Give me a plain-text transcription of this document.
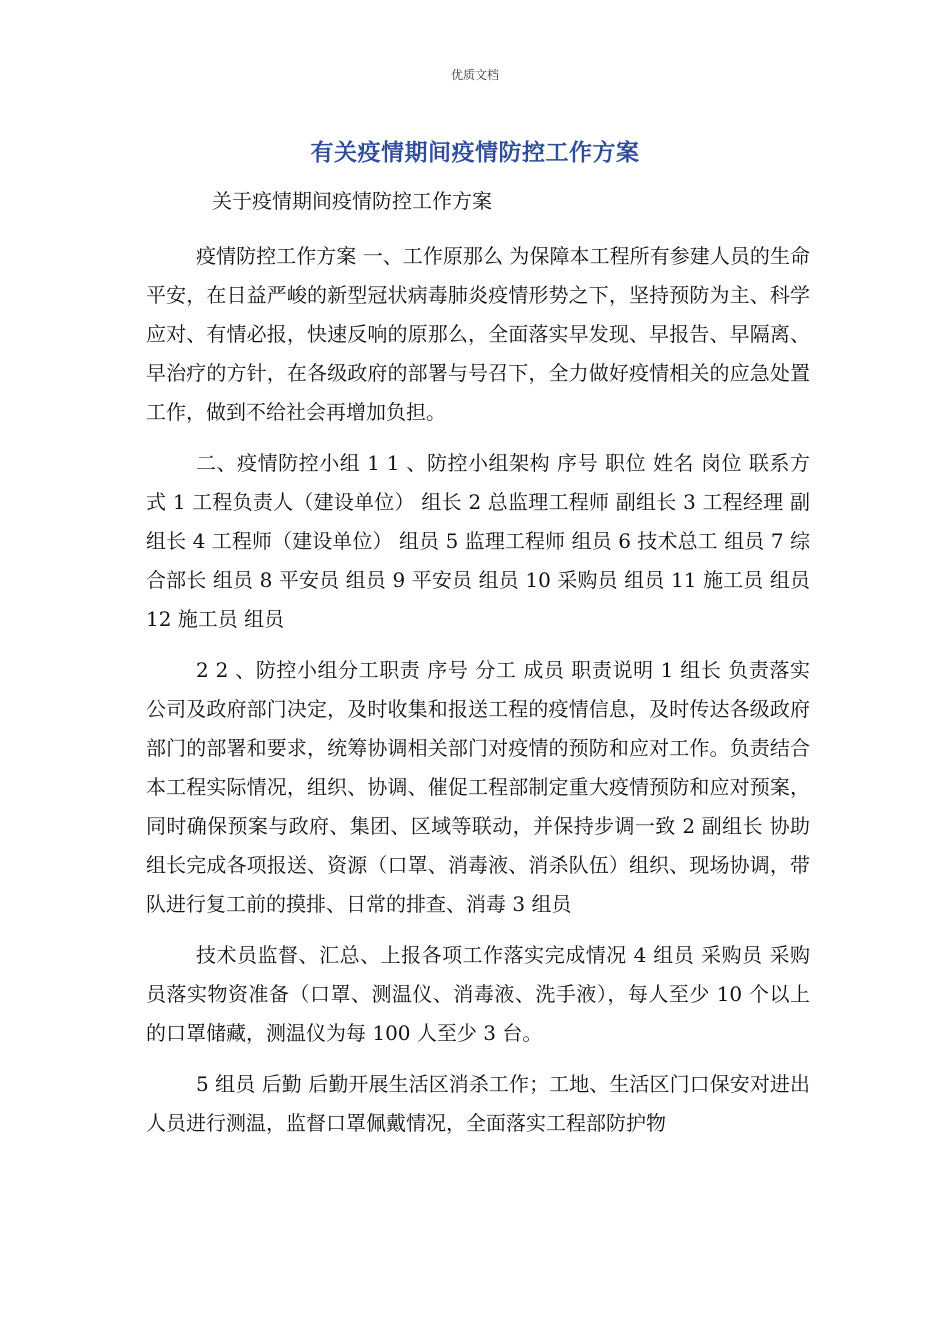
优质文档
有关疫情期间疫情防控工作方案

关于疫情期间疫情防控工作方案

疫情防控工作方案 一、工作原那么 为保障本工程所有参建人员的生命平安，在日益严峻的新型冠状病毒肺炎疫情形势之下，坚持预防为主、科学应对、有情必报，快速反响的原那么，全面落实早发现、早报告、早隔离、早治疗的方针，在各级政府的部署与号召下，全力做好疫情相关的应急处置工作，做到不给社会再增加负担。

二、疫情防控小组 1 1 、防控小组架构 序号 职位 姓名 岗位 联系方式 1 工程负责人（建设单位） 组长 2 总监理工程师 副组长 3 工程经理 副组长 4 工程师（建设单位） 组员 5 监理工程师 组员 6 技术总工 组员 7 综合部长 组员 8 平安员 组员 9 平安员 组员 10 采购员 组员 11 施工员 组员 12 施工员 组员

2 2 、防控小组分工职责 序号 分工 成员 职责说明 1 组长 负责落实公司及政府部门决定，及时收集和报送工程的疫情信息，及时传达各级政府部门的部署和要求，统筹协调相关部门对疫情的预防和应对工作。负责结合本工程实际情况，组织、协调、催促工程部制定重大疫情预防和应对预案，同时确保预案与政府、集团、区域等联动，并保持步调一致 2 副组长 协助组长完成各项报送、资源（口罩、消毒液、消杀队伍）组织、现场协调，带队进行复工前的摸排、日常的排查、消毒 3 组员

技术员监督、汇总、上报各项工作落实完成情况 4 组员 采购员 采购员落实物资准备（口罩、测温仪、消毒液、洗手液），每人至少 10 个以上的口罩储藏，测温仪为每 100 人至少 3 台。

5 组员 后勤 后勤开展生活区消杀工作；工地、生活区门口保安对进出人员进行测温，监督口罩佩戴情况，全面落实工程部防护物
